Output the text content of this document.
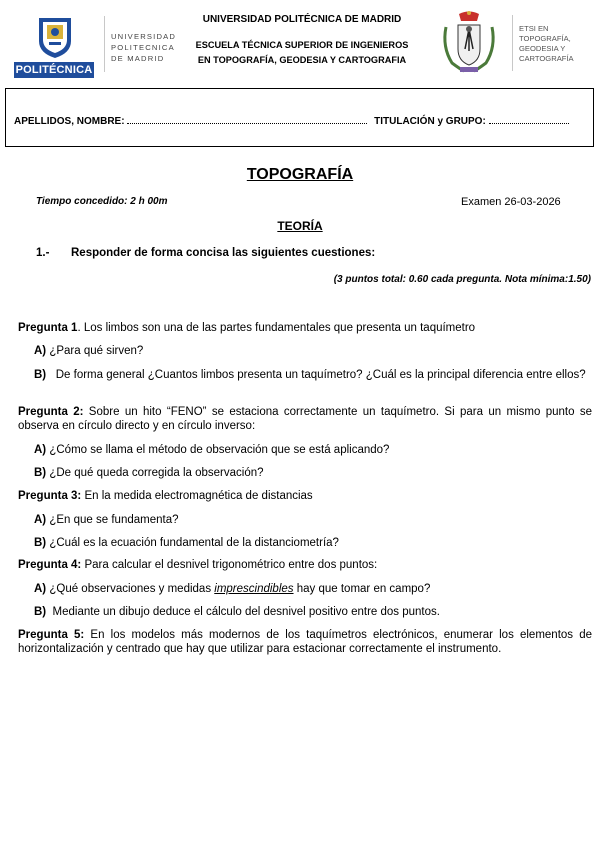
POLITÉCNICA
UNIVERSIDAD
POLITECNICA
DE MADRID
UNIVERSIDAD POLITÉCNICA DE MADRID
ESCUELA TÉCNICA SUPERIOR DE INGENIEROS
EN TOPOGRAFÍA, GEODESIA Y CARTOGRAFIA
ETSI EN
TOPOGRAFÍA,
GEODESIA Y
CARTOGRAFÍA
APELLIDOS, NOMBRE:	TITULACIÓN y GRUPO:
TOPOGRAFÍA
Tiempo concedido: 2 h 00m	Examen 26-03-2026
TEORÍA
1.- Responder de forma concisa las siguientes cuestiones:
(3 puntos total: 0.60 cada pregunta. Nota mínima:1.50)
Pregunta 1. Los limbos son una de las partes fundamentales que presenta un taquímetro
A) ¿Para qué sirven?
B) De forma general ¿Cuantos limbos presenta un taquímetro? ¿Cuál es la principal diferencia entre ellos?
Pregunta 2: Sobre un hito “FENO” se estaciona correctamente un taquímetro. Si para un mismo punto se observa en círculo directo y en círculo inverso:
A) ¿Cómo se llama el método de observación que se está aplicando?
B) ¿De qué queda corregida la observación?
Pregunta 3: En la medida electromagnética de distancias
A) ¿En que se fundamenta?
B) ¿Cuál es la ecuación fundamental de la distanciometría?
Pregunta 4: Para calcular el desnivel trigonométrico entre dos puntos:
A) ¿Qué observaciones y medidas imprescindibles hay que tomar en campo?
B) Mediante un dibujo deduce el cálculo del desnivel positivo entre dos puntos.
Pregunta 5: En los modelos más modernos de los taquímetros electrónicos, enumerar los elementos de horizontalización y centrado que hay que utilizar para estacionar correctamente el instrumento.
